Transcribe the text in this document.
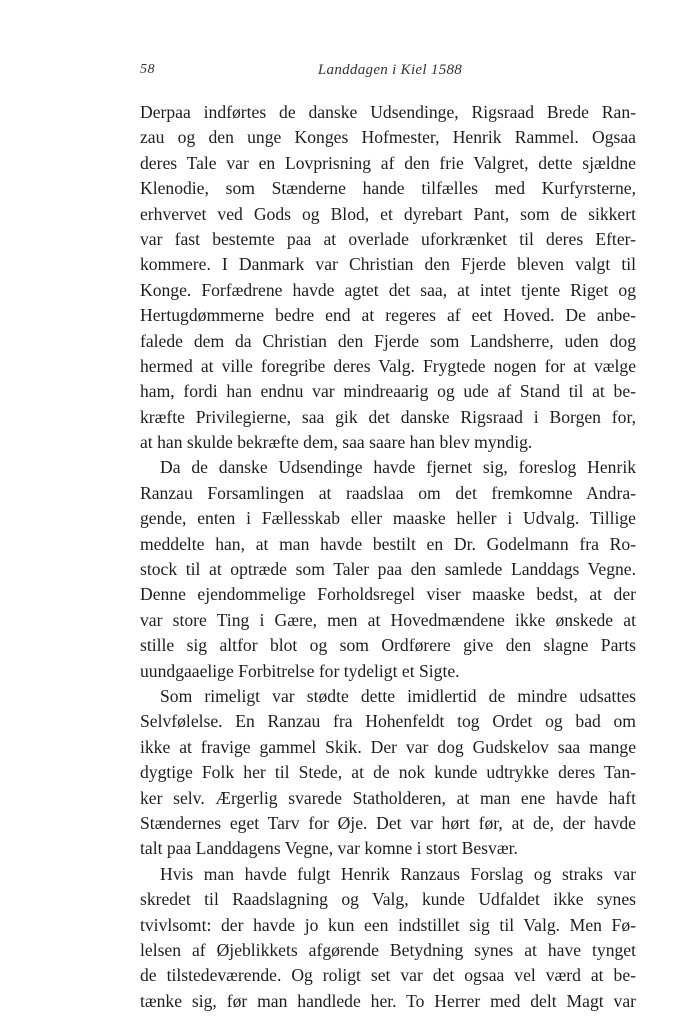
58	Landdagen i Kiel 1588
Derpaa indførtes de danske Udsendinge, Rigsraad Brede Ran-
zau og den unge Konges Hofmester, Henrik Rammel. Ogsaa
deres Tale var en Lovprisning af den frie Valgret, dette sjældne
Klenodie, som Stænderne hande tilfælles med Kurfyrsterne,
erhvervet ved Gods og Blod, et dyrebart Pant, som de sikkert
var fast bestemte paa at overlade uforkrænket til deres Efter-
kommere. I Danmark var Christian den Fjerde bleven valgt til
Konge. Forfædrene havde agtet det saa, at intet tjente Riget og
Hertugdømmerne bedre end at regeres af eet Hoved. De anbe-
falede dem da Christian den Fjerde som Landsherre, uden dog
hermed at ville foregribe deres Valg. Frygtede nogen for at vælge
ham, fordi han endnu var mindreaarig og ude af Stand til at be-
kræfte Privilegierne, saa gik det danske Rigsraad i Borgen for,
at han skulde bekræfte dem, saa saare han blev myndig.
Da de danske Udsendinge havde fjernet sig, foreslog Henrik
Ranzau Forsamlingen at raadslaa om det fremkomne Andra-
gende, enten i Fællesskab eller maaske heller i Udvalg. Tillige
meddelte han, at man havde bestilt en Dr. Godelmann fra Ro-
stock til at optræde som Taler paa den samlede Landdags Vegne.
Denne ejendommelige Forholdsregel viser maaske bedst, at der
var store Ting i Gære, men at Hovedmændene ikke ønskede at
stille sig altfor blot og som Ordførere give den slagne Parts
uundgaaelige Forbitrelse for tydeligt et Sigte.
Som rimeligt var stødte dette imidlertid de mindre udsattes
Selvfølelse. En Ranzau fra Hohenfeldt tog Ordet og bad om
ikke at fravige gammel Skik. Der var dog Gudskelov saa mange
dygtige Folk her til Stede, at de nok kunde udtrykke deres Tan-
ker selv. Ærgerlig svarede Statholderen, at man ene havde haft
Stændernes eget Tarv for Øje. Det var hørt før, at de, der havde
talt paa Landdagens Vegne, var komne i stort Besvær.
Hvis man havde fulgt Henrik Ranzaus Forslag og straks var
skredet til Raadslagning og Valg, kunde Udfaldet ikke synes
tvivlsomt: der havde jo kun een indstillet sig til Valg. Men Fø-
lelsen af Øjeblikkets afgørende Betydning synes at have tynget
de tilstedeværende. Og roligt set var det ogsaa vel værd at be-
tænke sig, før man handlede her. To Herrer med delt Magt var
